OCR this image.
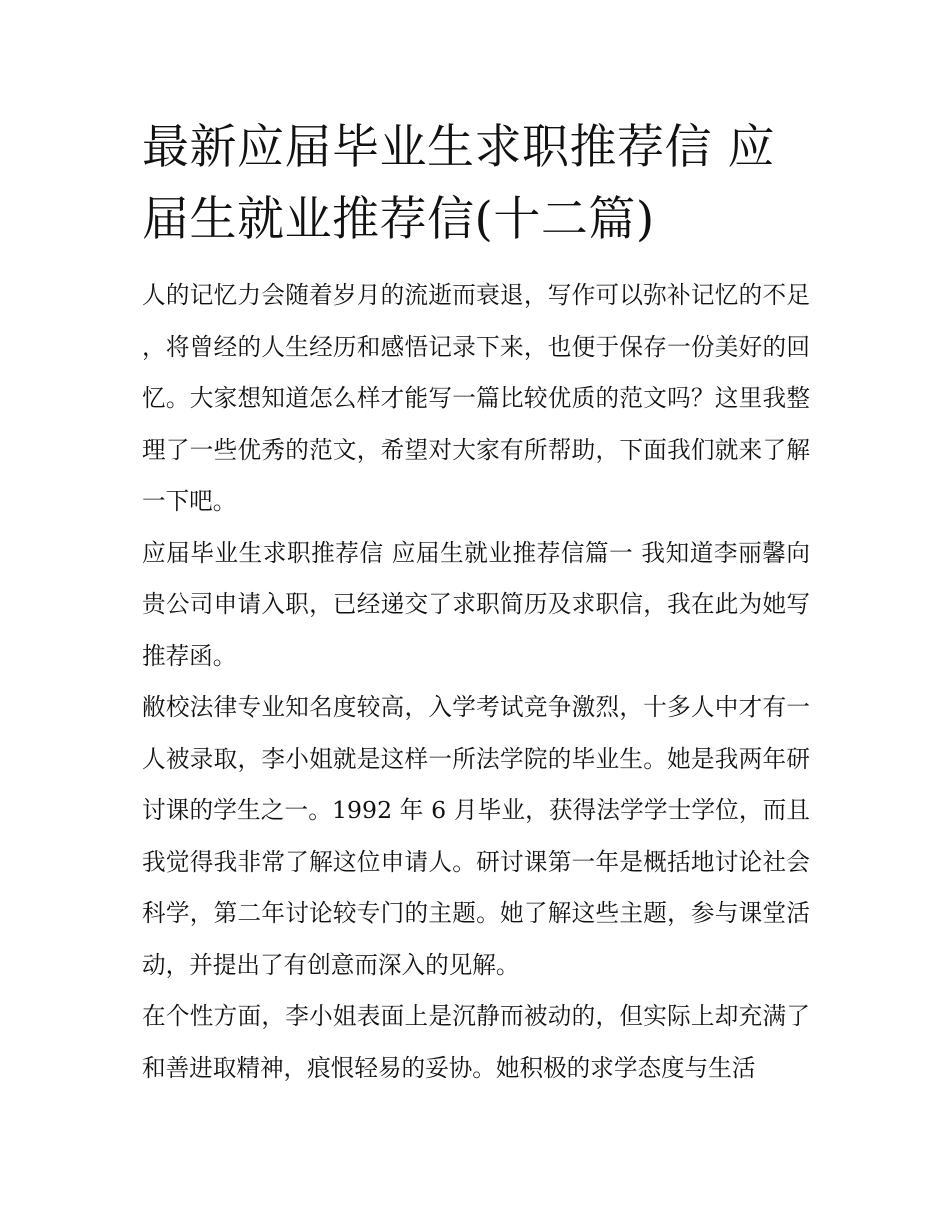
最新应届毕业生求职推荐信 应届生就业推荐信(十二篇)

人的记忆力会随着岁月的流逝而衰退，写作可以弥补记忆的不足，将曾经的人生经历和感悟记录下来，也便于保存一份美好的回忆。大家想知道怎么样才能写一篇比较优质的范文吗？这里我整理了一些优秀的范文，希望对大家有所帮助，下面我们就来了解一下吧。

应届毕业生求职推荐信 应届生就业推荐信篇一 我知道李丽馨向贵公司申请入职，已经递交了求职简历及求职信，我在此为她写推荐函。

敝校法律专业知名度较高，入学考试竞争激烈，十多人中才有一人被录取，李小姐就是这样一所法学院的毕业生。她是我两年研讨课的学生之一。1992 年 6 月毕业，获得法学学士学位，而且我觉得我非常了解这位申请人。研讨课第一年是概括地讨论社会科学，第二年讨论较专门的主题。她了解这些主题，参与课堂活动，并提出了有创意而深入的见解。

在个性方面，李小姐表面上是沉静而被动的，但实际上却充满了和善进取精神，痕恨轻易的妥协。她积极的求学态度与生活
